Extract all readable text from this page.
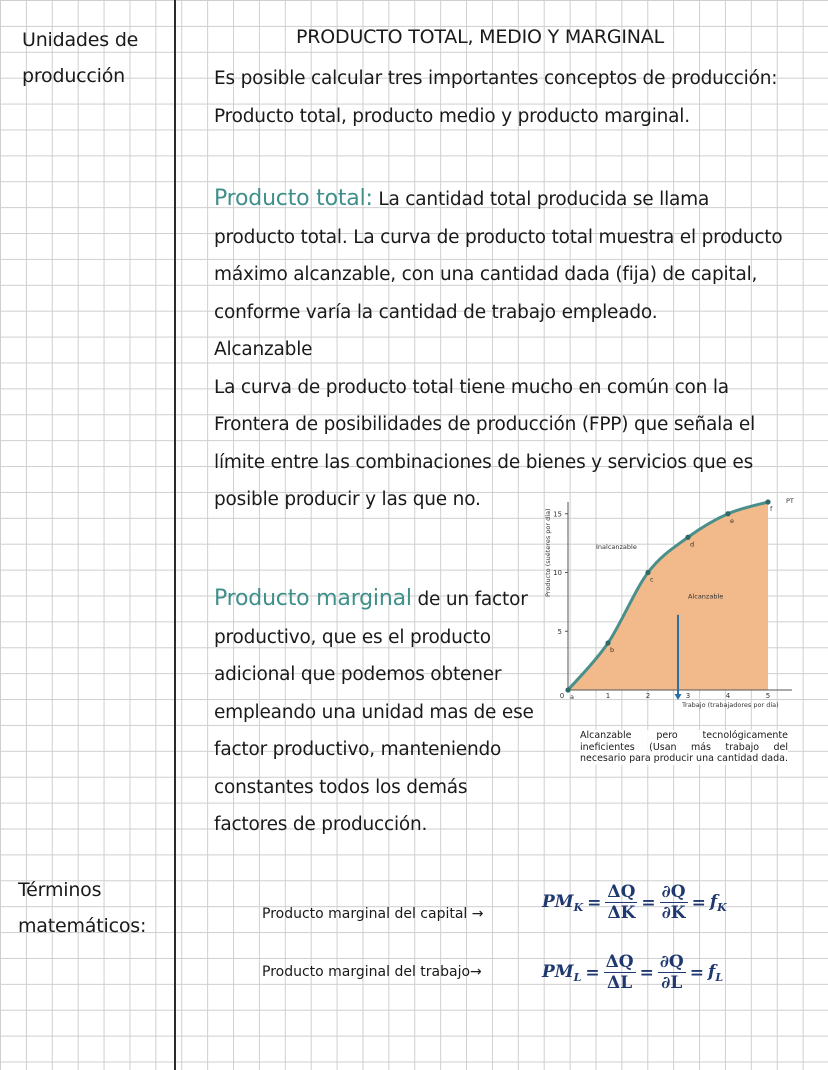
Unidades de
producción
PRODUCTO TOTAL, MEDIO Y MARGINAL
Es posible calcular tres importantes conceptos de producción:
Producto total, producto medio y producto marginal.
Producto total: La cantidad total producida se llama
producto total. La curva de producto total muestra el producto
máximo alcanzable, con una cantidad dada (fija) de capital,
conforme varía la cantidad de trabajo empleado.
Alcanzable
La curva de producto total tiene mucho en común con la
Frontera de posibilidades de producción (FPP) que señala el
límite entre las combinaciones de bienes y servicios que es
posible producir y las que no.
Producto marginal de un factor
productivo, que es el producto
adicional que podemos obtener
empleando una unidad mas de ese
factor productivo, manteniendo
constantes todos los demás
factores de producción.
0	1	2	3	4	5
5
10
15
a
b
c
d
e
f
PT
Inalcanzable
Alcanzable
Trabajo (trabajadores por día)
Producto (suéteres por día)
Alcanzable pero tecnológicamente ineficientes (Usan más trabajo del necesario para producir una cantidad dada.
Términos
matemáticos:
Producto marginal del capital →
$PM_K = \frac{\Delta Q}{\Delta K} = \frac{\partial Q}{\partial K} = f_K$
Producto marginal del trabajo→	$PM_L = \frac{\Delta Q}{\Delta L} = \frac{\partial Q}{\partial L} = f_L$
